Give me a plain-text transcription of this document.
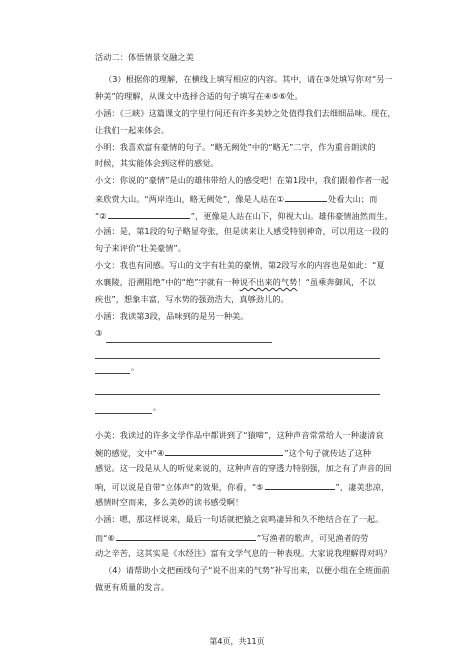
活动二：体悟情景交融之美
（3）根据你的理解，在横线上填写相应的内容。其中，请在③处填写你对“另一
种美”的理解，从课文中选择合适的句子填写在④⑤⑥处。
小涵：《三峡》这篇课文的字里行间还有许多美妙之处值得我们去细细品味。现在，
让我们一起来体会。
小明：我喜欢富有豪情的句子。“略无阙处”中的“略无”二字，作为重音朗读的
时候，其实能体会到这样的感觉。
小文：你说的“豪情”是山的雄伟带给人的感受吧！在第1段中，我们跟着作者一起
来欣赏大山。“两岸连山，略无阙处”，像是人站在①	处看大山；而
“②	”，更像是人站在山下，仰视大山。雄伟豪情油然而生。
小涵：是，第1段的句子略显夸张，但是读来让人感受特别神奇，可以用这一段的
句子来评价“壮美豪情”。
小文：我也有同感。写山的文字有壮美的豪情，第2段写水的内容也是如此：“夏
水襄陵，沿溯阻绝”中的“绝”字就有一种说不出来的气势！“虽乘奔御风，不以
疾也”，想象丰富，写水势的强劲浩大，真够劲儿的。
小涵：我读第3段，品味到的是另一种美。
③
。
。
小美：我读过的许多文学作品中都讲到了“猿啼”，这种声音常常给人一种凄清哀
婉的感觉，文中“④	”这个句子就传达了这种
感觉。这一段是从人的听觉来说的，这种声音的穿透力特别强，加之有了声音的回
响，可以说是自带“立体声”的效果，你看，“⑤	”，凄美悲凉，
感情时空而来，多么美妙的读书感受啊！
小涵：嗯，那这样说来，最后一句话就把猿之哀鸣凄异和久不绝结合在了一起。
而“⑥	”写渔者的歌声，可见渔者的劳
动之辛苦，这其实是《水经注》富有文学气息的一种表现。大家说我理解得对吗？
（4）请帮助小文把画线句子“说不出来的气势”补写出来，以便小组在全班面前
做更有质量的发言。
第4页，共11页
